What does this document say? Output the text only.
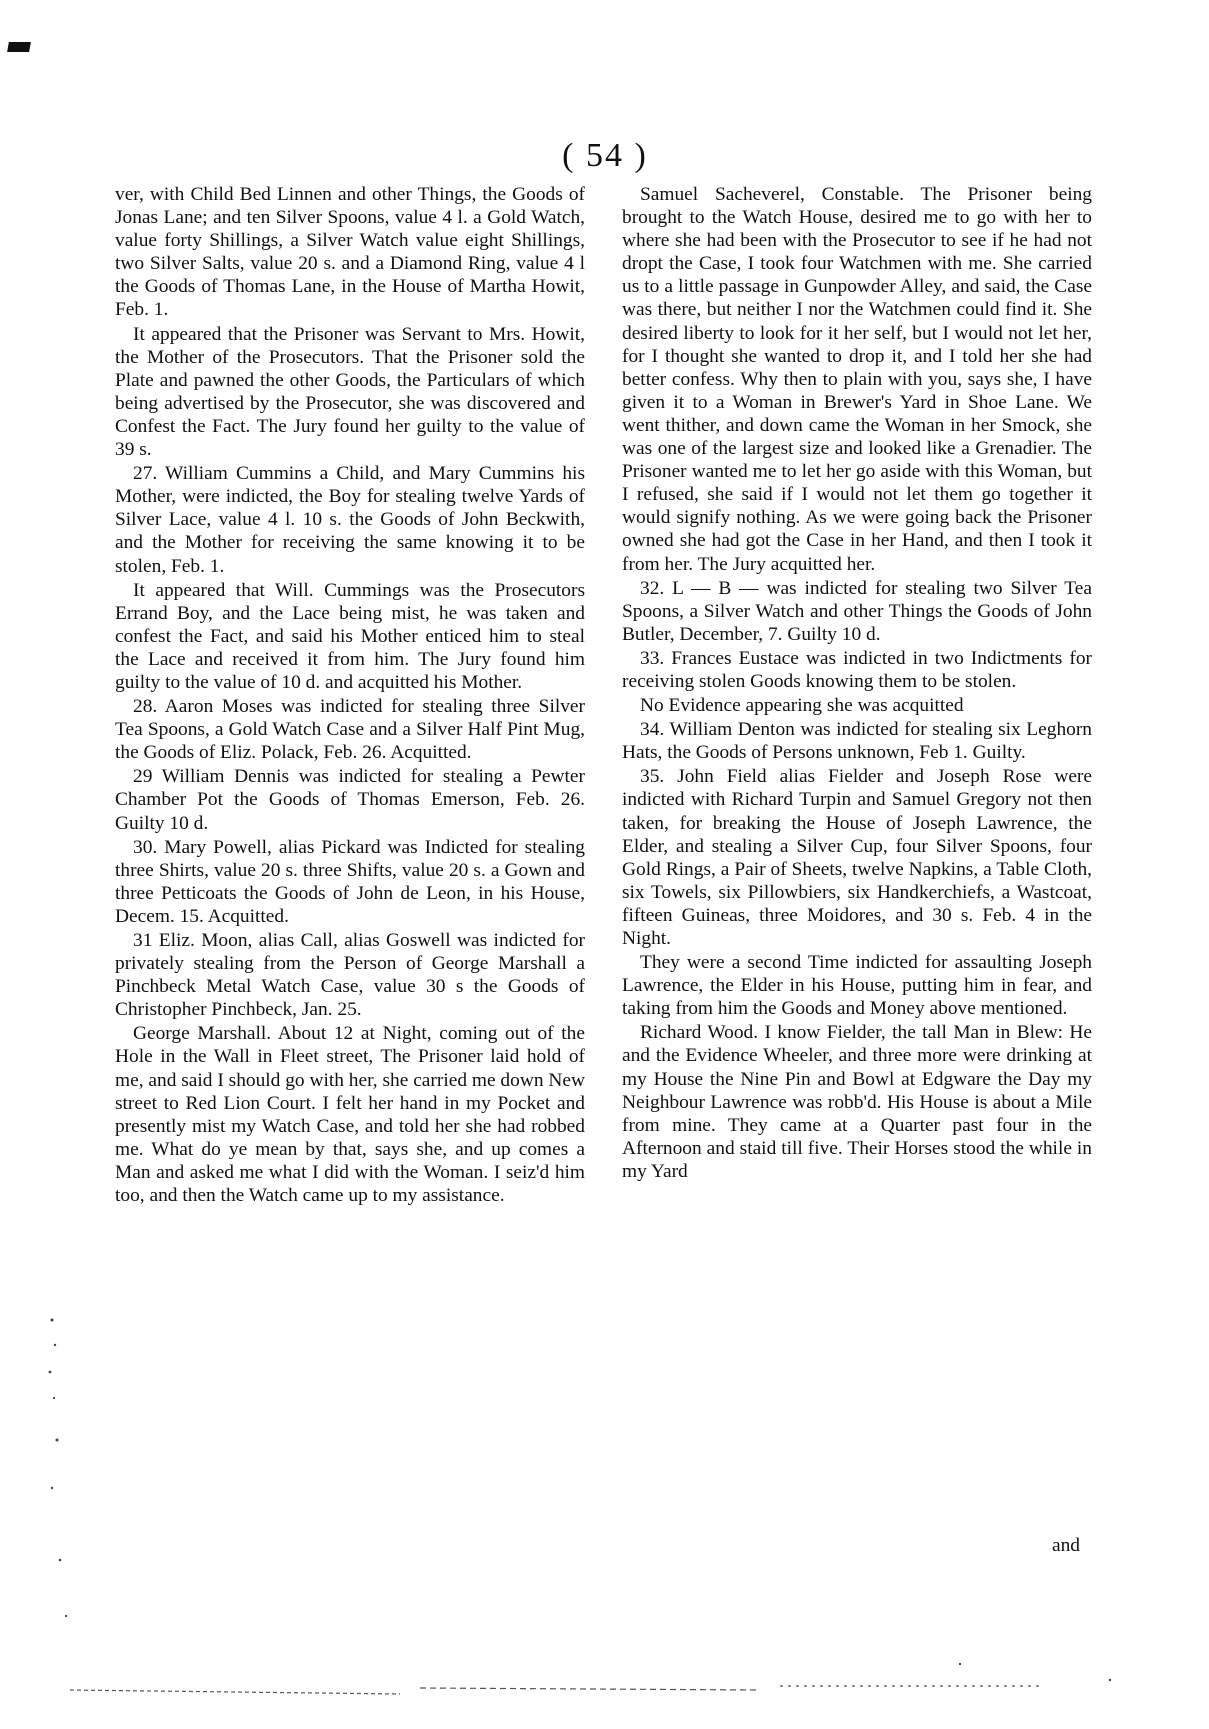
( 54 )

ver, with Child Bed Linnen and other Things, the Goods of Jonas Lane; and ten Silver Spoons, value 4 l. a Gold Watch, value forty Shillings, a Silver Watch value eight Shillings, two Silver Salts, value 20 s. and a Diamond Ring, value 4 l the Goods of Thomas Lane, in the House of Martha Howit, Feb. 1.

It appeared that the Prisoner was Servant to Mrs. Howit, the Mother of the Prosecutors. That the Prisoner sold the Plate and pawned the other Goods, the Particulars of which being advertised by the Prosecutor, she was discovered and Confest the Fact. The Jury found her guilty to the value of 39 s.

27. William Cummins a Child, and Mary Cummins his Mother, were indicted, the Boy for stealing twelve Yards of Silver Lace, value 4 l. 10 s. the Goods of John Beckwith, and the Mother for receiving the same knowing it to be stolen, Feb. 1.

It appeared that Will. Cummings was the Prosecutors Errand Boy, and the Lace being mist, he was taken and confest the Fact, and said his Mother enticed him to steal the Lace and received it from him. The Jury found him guilty to the value of 10 d. and acquitted his Mother.

28. Aaron Moses was indicted for stealing three Silver Tea Spoons, a Gold Watch Case and a Silver Half Pint Mug, the Goods of Eliz. Polack, Feb. 26. Acquitted.

29 William Dennis was indicted for stealing a Pewter Chamber Pot the Goods of Thomas Emerson, Feb. 26. Guilty 10 d.

30. Mary Powell, alias Pickard was Indicted for stealing three Shirts, value 20 s. three Shifts, value 20 s. a Gown and three Petticoats the Goods of John de Leon, in his House, Decem. 15. Acquitted.

31 Eliz. Moon, alias Call, alias Goswell was indicted for privately stealing from the Person of George Marshall a Pinchbeck Metal Watch Case, value 30 s the Goods of Christopher Pinchbeck, Jan. 25.

George Marshall. About 12 at Night, coming out of the Hole in the Wall in Fleet street, The Prisoner laid hold of me, and said I should go with her, she carried me down New street to Red Lion Court. I felt her hand in my Pocket and presently mist my Watch Case, and told her she had robbed me. What do ye mean by that, says she, and up comes a Man and asked me what I did with the Woman. I seiz'd him too, and then the Watch came up to my assistance.

Samuel Sacheverel, Constable. The Prisoner being brought to the Watch House, desired me to go with her to where she had been with the Prosecutor to see if he had not dropt the Case, I took four Watchmen with me. She carried us to a little passage in Gunpowder Alley, and said, the Case was there, but neither I nor the Watchmen could find it. She desired liberty to look for it her self, but I would not let her, for I thought she wanted to drop it, and I told her she had better confess. Why then to plain with you, says she, I have given it to a Woman in Brewer's Yard in Shoe Lane. We went thither, and down came the Woman in her Smock, she was one of the largest size and looked like a Grenadier. The Prisoner wanted me to let her go aside with this Woman, but I refused, she said if I would not let them go together it would signify nothing. As we were going back the Prisoner owned she had got the Case in her Hand, and then I took it from her. The Jury acquitted her.

32. L — B — was indicted for stealing two Silver Tea Spoons, a Silver Watch and other Things the Goods of John Butler, December, 7. Guilty 10 d.

33. Frances Eustace was indicted in two Indictments for receiving stolen Goods knowing them to be stolen.

No Evidence appearing she was acquitted

34. William Denton was indicted for stealing six Leghorn Hats, the Goods of Persons unknown, Feb 1. Guilty.

35. John Field alias Fielder and Joseph Rose were indicted with Richard Turpin and Samuel Gregory not then taken, for breaking the House of Joseph Lawrence, the Elder, and stealing a Silver Cup, four Silver Spoons, four Gold Rings, a Pair of Sheets, twelve Napkins, a Table Cloth, six Towels, six Pillowbiers, six Handkerchiefs, a Wastcoat, fifteen Guineas, three Moidores, and 30 s. Feb. 4 in the Night.

They were a second Time indicted for assaulting Joseph Lawrence, the Elder in his House, putting him in fear, and taking from him the Goods and Money above mentioned.

Richard Wood. I know Fielder, the tall Man in Blew: He and the Evidence Wheeler, and three more were drinking at my House the Nine Pin and Bowl at Edgware the Day my Neighbour Lawrence was robb'd. His House is about a Mile from mine. They came at a Quarter past four in the Afternoon and staid till five. Their Horses stood the while in my Yard

and
